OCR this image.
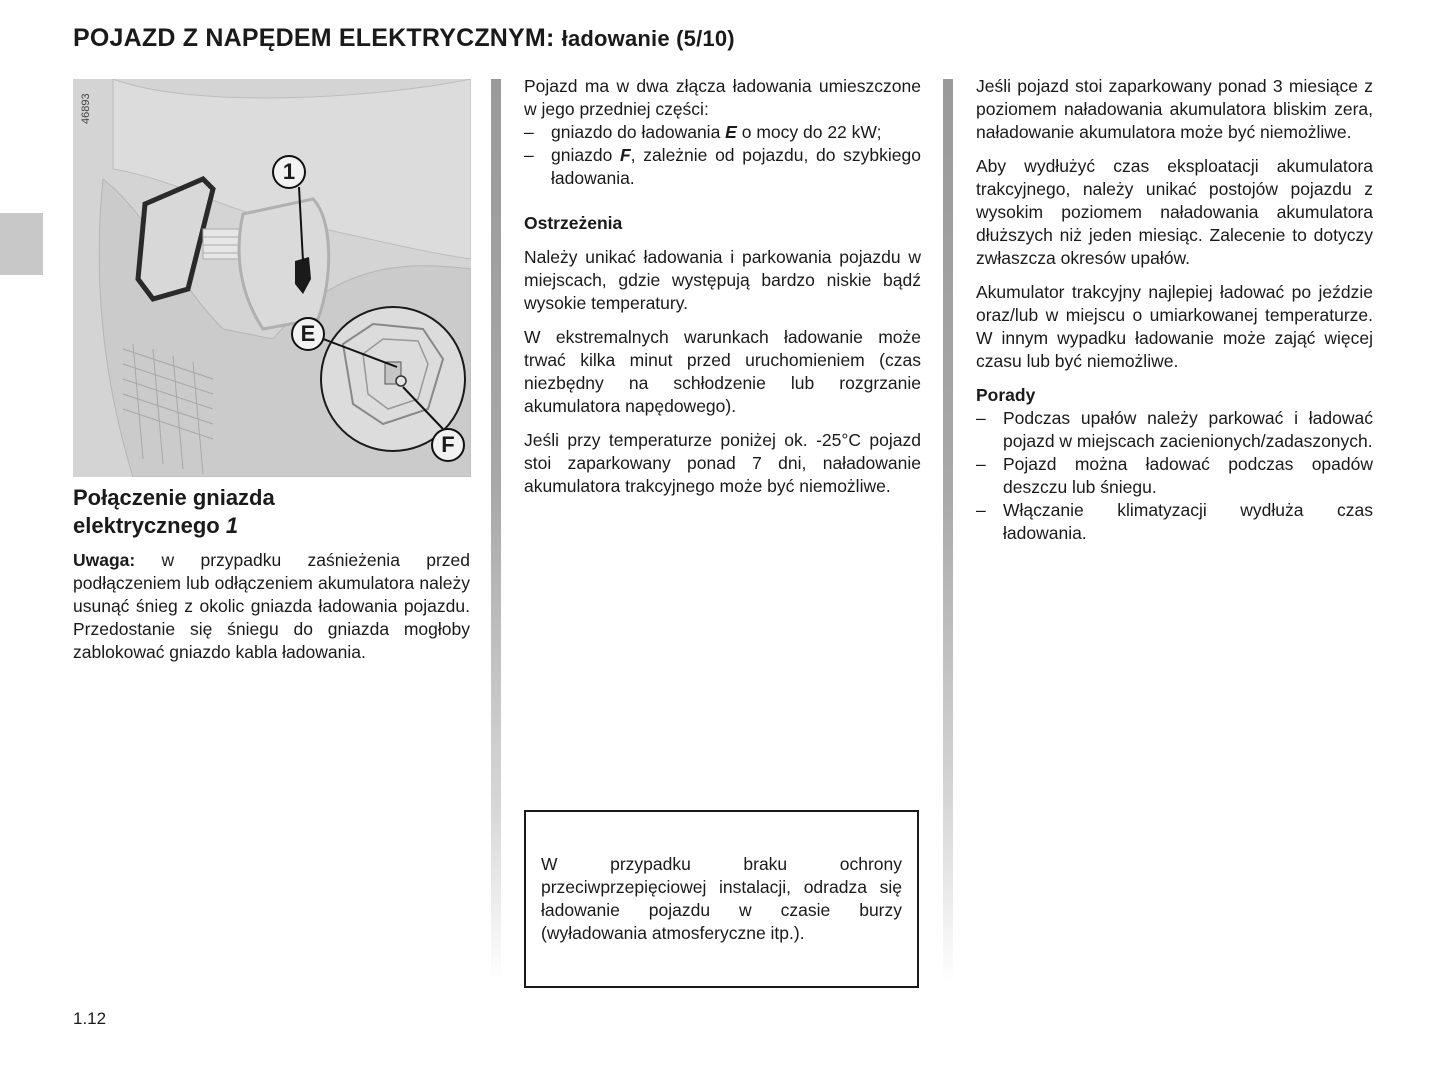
POJAZD Z NAPĘDEM ELEKTRYCZNYM: ładowanie (5/10)
1
E
F
46893
Połączenie gniazda
elektrycznego 1

Uwaga: w przypadku zaśnieżenia przed podłączeniem lub odłączeniem akumulatora należy usunąć śnieg z okolic gniazda ładowania pojazdu. Przedostanie się śniegu do gniazda mogłoby zablokować gniazdo kabla ładowania.

Pojazd ma w dwa złącza ładowania umieszczone w jego przedniej części:

– gniazdo do ładowania E o mocy do 22 kW;
– gniazdo F, zależnie od pojazdu, do szybkiego ładowania.

Ostrzeżenia

Należy unikać ładowania i parkowania pojazdu w miejscach, gdzie występują bardzo niskie bądź wysokie temperatury.

W ekstremalnych warunkach ładowanie może trwać kilka minut przed uruchomieniem (czas niezbędny na schłodzenie lub rozgrzanie akumulatora napędowego).

Jeśli przy temperaturze poniżej ok. -25°C pojazd stoi zaparkowany ponad 7 dni, naładowanie akumulatora trakcyjnego może być niemożliwe.

W przypadku braku ochrony przeciwprzepięciowej instalacji, odradza się ładowanie pojazdu w czasie burzy (wyładowania atmosferyczne itp.).

Jeśli pojazd stoi zaparkowany ponad 3 miesiące z poziomem naładowania akumulatora bliskim zera, naładowanie akumulatora może być niemożliwe.

Aby wydłużyć czas eksploatacji akumulatora trakcyjnego, należy unikać postojów pojazdu z wysokim poziomem naładowania akumulatora dłuższych niż jeden miesiąc. Zalecenie to dotyczy zwłaszcza okresów upałów.

Akumulator trakcyjny najlepiej ładować po jeździe oraz/lub w miejscu o umiarkowanej temperaturze. W innym wypadku ładowanie może zająć więcej czasu lub być niemożliwe.

Porady

– Podczas upałów należy parkować i ładować pojazd w miejscach zacienionych/zadaszonych.
– Pojazd można ładować podczas opadów deszczu lub śniegu.
– Włączanie klimatyzacji wydłuża czas ładowania.
1.12
